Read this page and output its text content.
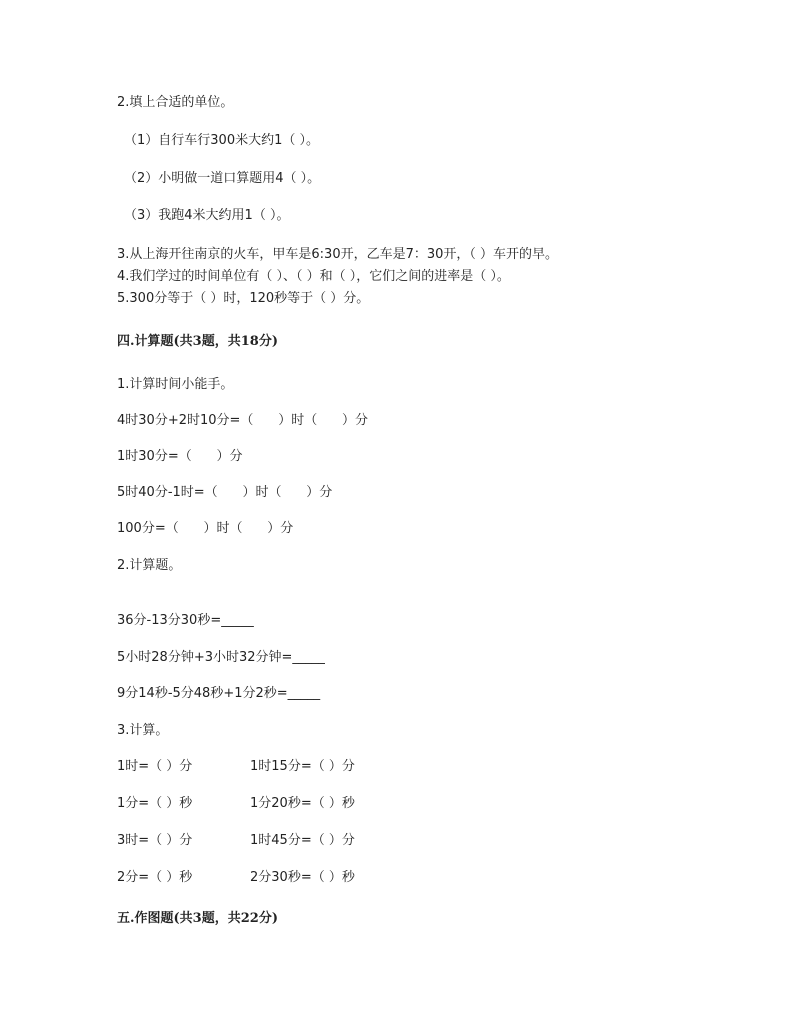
2.填上合适的单位。
（1）自行车行300米大约1（ ）。
（2）小明做一道口算题用4（ ）。
（3）我跑4米大约用1（ ）。
3.从上海开往南京的火车，甲车是6:30开，乙车是7：30开，（ ）车开的早。
4.我们学过的时间单位有（ ）、（ ）和（ ），它们之间的进率是（ ）。
5.300分等于（ ）时，120秒等于（ ）分。
四.计算题(共3题，共18分)
1.计算时间小能手。
4时30分+2时10分=（      ）时（      ）分
1时30分=（      ）分
5时40分-1时=（      ）时（      ）分
100分=（      ）时（      ）分
2.计算题。
36分-13分30秒=_____
5小时28分钟+3小时32分钟=_____
9分14秒-5分48秒+1分2秒=_____
3.计算。
1时=（ ）分	1时15分=（ ）分
1分=（ ）秒	1分20秒=（ ）秒
3时=（ ）分	1时45分=（ ）分
2分=（ ）秒	2分30秒=（ ）秒
五.作图题(共3题，共22分)
